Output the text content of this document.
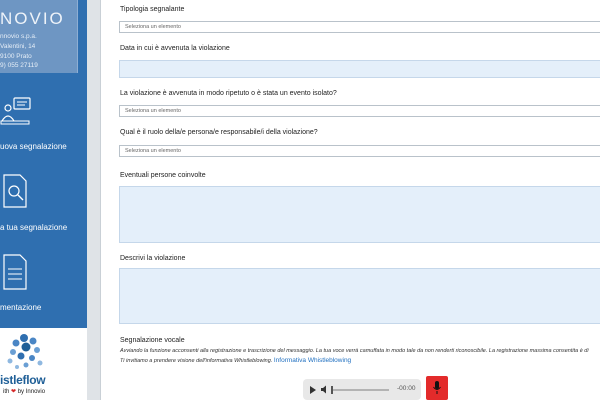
NOVIO
nnovio s.p.a.
Valentini, 14
9100 Prato
9) 055 27119
uova segnalazione
a tua segnalazione
mentazione
istleflow
ith ❤ by Innovio
Tipologia segnalante
Seleziona un elemento
Data in cui è avvenuta la violazione
La violazione è avvenuta in modo ripetuto o è stata un evento isolato?
Seleziona un elemento
Qual è il ruolo della/e persona/e responsabile/i della violazione?
Seleziona un elemento
Eventuali persone coinvolte
Descrivi la violazione
Segnalazione vocale
Avviando la funzione acconsenti alla registrazione e trascrizione del messaggio. La tua voce verrà camuffata in modo tale da non renderti riconoscibile. La registrazione massima consentita è di
Ti invitiamo a prendere visione dell'informativa Whistleblowing. Informativa Whistleblowing
-00:00
